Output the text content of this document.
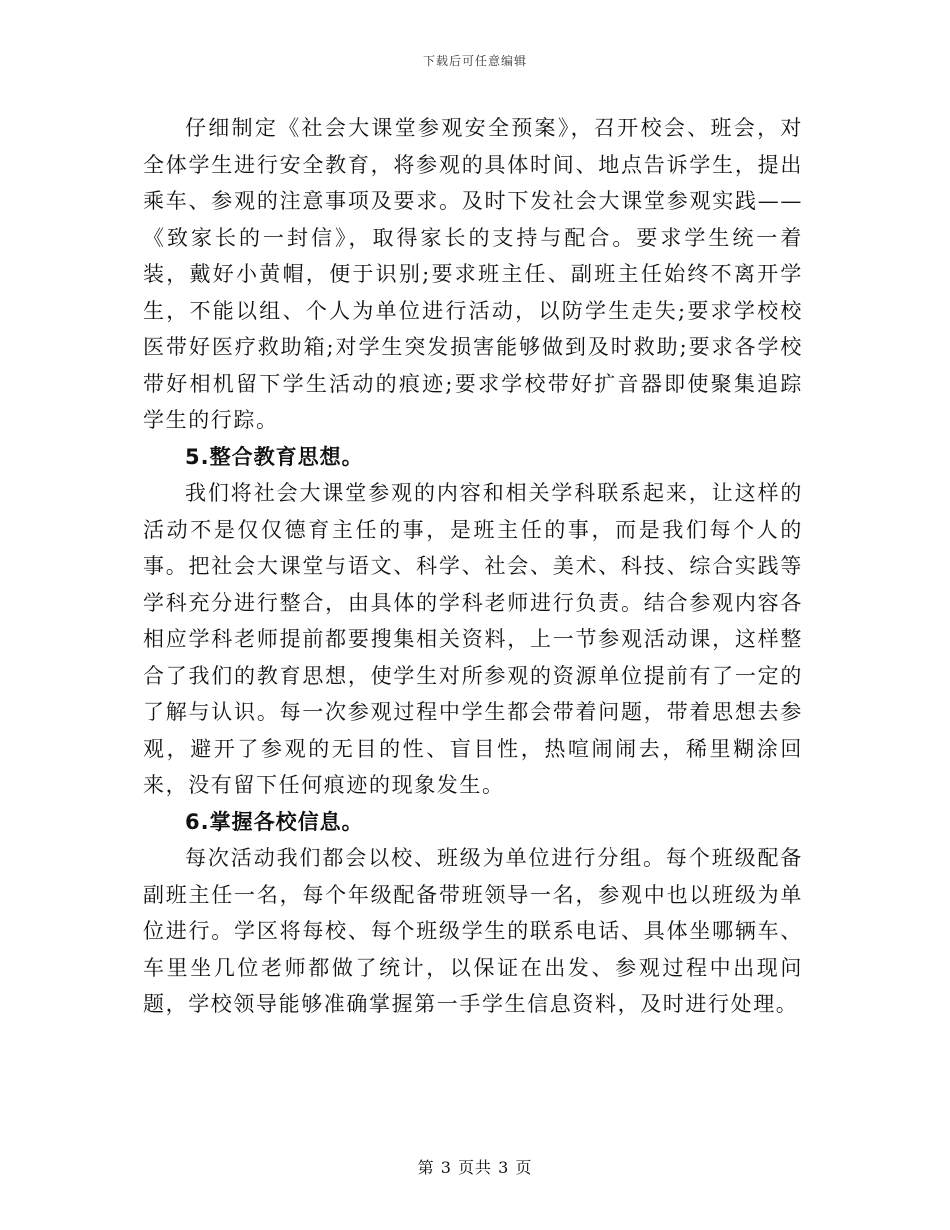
下载后可任意编辑

仔细制定《社会大课堂参观安全预案》，召开校会、班会，对全体学生进行安全教育，将参观的具体时间、地点告诉学生，提出乘车、参观的注意事项及要求。及时下发社会大课堂参观实践——《致家长的一封信》，取得家长的支持与配合。要求学生统一着装，戴好小黄帽，便于识别;要求班主任、副班主任始终不离开学生，不能以组、个人为单位进行活动，以防学生走失;要求学校校医带好医疗救助箱;对学生突发损害能够做到及时救助;要求各学校带好相机留下学生活动的痕迹;要求学校带好扩音器即使聚集追踪学生的行踪。

5.整合教育思想。

我们将社会大课堂参观的内容和相关学科联系起来，让这样的活动不是仅仅德育主任的事，是班主任的事，而是我们每个人的事。把社会大课堂与语文、科学、社会、美术、科技、综合实践等学科充分进行整合，由具体的学科老师进行负责。结合参观内容各相应学科老师提前都要搜集相关资料，上一节参观活动课，这样整合了我们的教育思想，使学生对所参观的资源单位提前有了一定的了解与认识。每一次参观过程中学生都会带着问题，带着思想去参观，避开了参观的无目的性、盲目性，热喧闹闹去，稀里糊涂回来，没有留下任何痕迹的现象发生。

6.掌握各校信息。

每次活动我们都会以校、班级为单位进行分组。每个班级配备副班主任一名，每个年级配备带班领导一名，参观中也以班级为单位进行。学区将每校、每个班级学生的联系电话、具体坐哪辆车、车里坐几位老师都做了统计，以保证在出发、参观过程中出现问题，学校领导能够准确掌握第一手学生信息资料，及时进行处理。

第 3 页共 3 页
